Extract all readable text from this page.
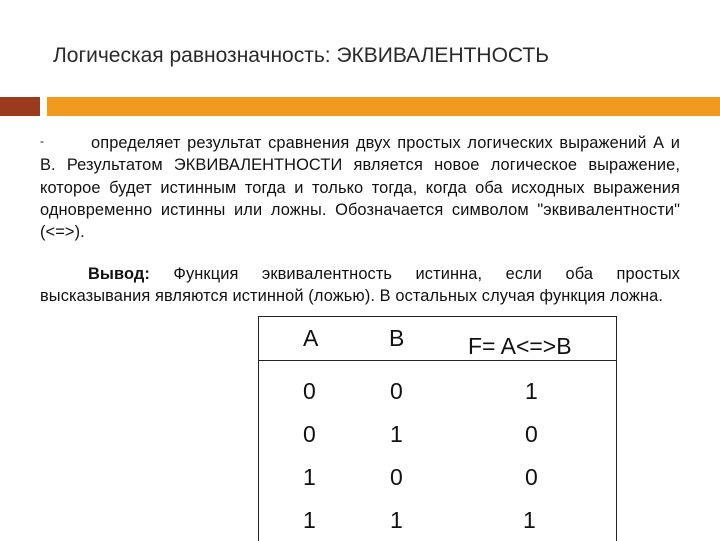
Логическая равнозначность: ЭКВИВАЛЕНТНОСТЬ
-	определяет результат сравнения двух простых логических выражений А и В. Результатом ЭКВИВАЛЕНТНОСТИ является новое логическое выражение, которое будет истинным тогда и только тогда, когда оба исходных выражения одновременно истинны или ложны. Обозначается символом "эквивалентности" (<=>).
Вывод: Функция эквивалентность истинна, если оба простых высказывания являются истинной (ложью). В остальных случая функция ложна.
A	B	F= A<=>B
0	0	1
0	1	0
1	0	0
1	1	1
